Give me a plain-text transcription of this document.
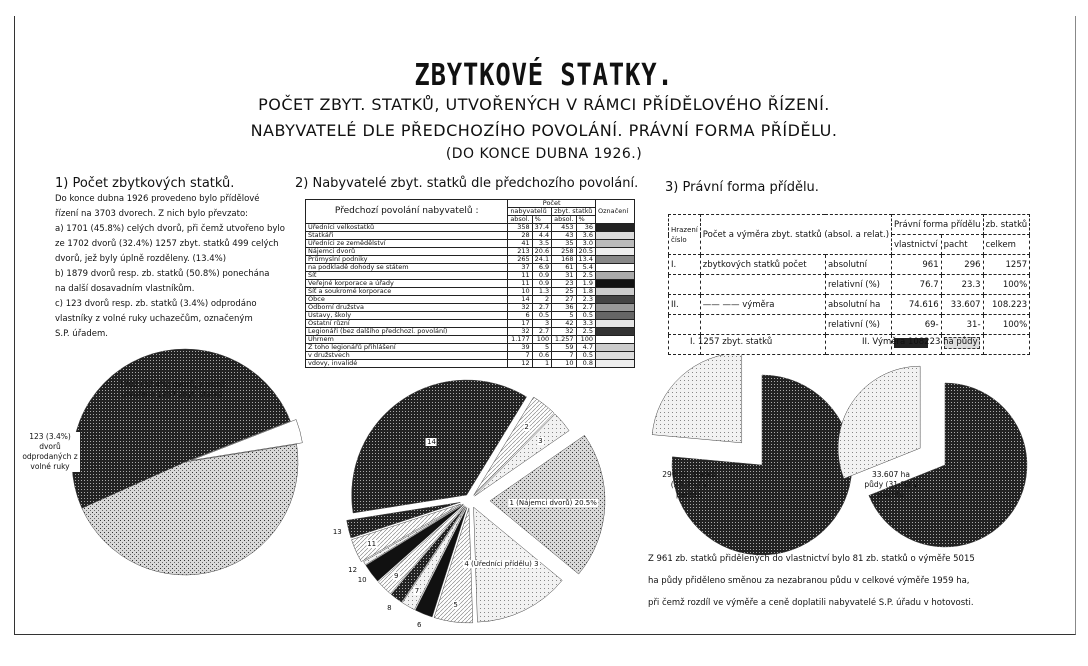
ZBYTKOVÉ STATKY.
POČET ZBYT. STATKŮ, UTVOŘENÝCH V RÁMCI PŘÍDĚLOVÉHO ŘÍZENÍ.
NABYVATELÉ DLE PŘEDCHOZÍHO POVOLÁNÍ. PRÁVNÍ FORMA PŘÍDĚLU.
(DO KONCE DUBNA 1926.)
1) Počet zbytkových statků.
Do konce dubna 1926 provedeno bylo přídělové
řízení na 3703 dvorech. Z nich bylo převzato:
a) 1701 (45.8%) celých dvorů, při čemž utvořeno bylo
ze 1702 dvorů (32.4%) 1257 zbyt. statků 499 celých
dvorů, jež byly úplně rozděleny. (13.4%)
b) 1879 dvorů resp. zb. statků (50.8%) ponechána
na další dosavadním vlastníkům.
c) 123 dvorů resp. zb. statků (3.4%) odprodáno
vlastníky z volné ruky uchazečům, označeným
S.P. úřadem.
2) Nabyvatelé zbyt. statků dle předchozího povolání. 3) Právní forma přídělu.
Předchozí povolání nabyvatelů :	Počet				Označení
	nabyvatelů		zbyt. statků		
	absol.	%	absol.	%	
Úředníci velkostatků	358	37.4	453	36	
Statkáři	28	4.4	43	3.6	
Úředníci ze zemědělství	41	3.5	35	3.0	
Nájemci dvorů	213	20.6	258	20.5	
Průmyslní podniky	265	24.1	168	13.4	
na podkladě dohody se státem	37	6.9	61	5.4	
Síť	11	0.9	31	2.5	
Veřejné korporace a úřady	11	0.9	23	1.9	
Síť a soukromé korporace	10	1.3	25	1.8	
Obce	14	2	27	2.3	
Odborní družstva	32	2.7	36	2.7	
Ústavy, školy	6	0.5	5	0.5	
Ostatní různí	17	3	42	3.3	
Legionáři (bez dalšího předchozí. povolání)	32	2.7	32	2.5	
Úhrnem	1.177	100	1.257	100	
Z toho legionářů přihlášení	39	5	59	4.7	
v družstvech	7	0.6	7	0.5	
vdovy, invalidé	12	1	10	0.8	
Hrazení číslo	Počet a výměra zbyt. statků (absol. a relat.)		Právní forma přídělu		zb. statků
			vlastnictví	pacht	celkem
I.	zbytkových statků počet	absolutní	961	296	1257
		relativní (%)	76.7	23.3	100%
II.	—— —— výměra	absolutní ha	74.616	33.607	108.223
		relativní (%)	69-	31-	100%

I. 1257 zbyt. statků	II. Výměra 108223 ha půdy
1702 (32.4%) dvorů, z nichž utvořeno 1257 zbyt. statků
123 (3.4%) dvorů odprodaných z volné ruky
296 zb. statků (23.3%) v pachtu
33.607 ha půdy (31-%) v pachtu
12
3
1 (Nájemci dvorů) 20.5%
2
4 (Úředníci přídělu) 3
5
6
7
8
9
10
11
13
14
Z 961 zb. statků přidělených do vlastnictví bylo 81 zb. statků o výměře 5015
ha půdy přiděleno směnou za nezabranou půdu v celkové výměře 1959 ha,
při čemž rozdíl ve výměře a ceně doplatili nabyvatelé S.P. úřadu v hotovosti.
